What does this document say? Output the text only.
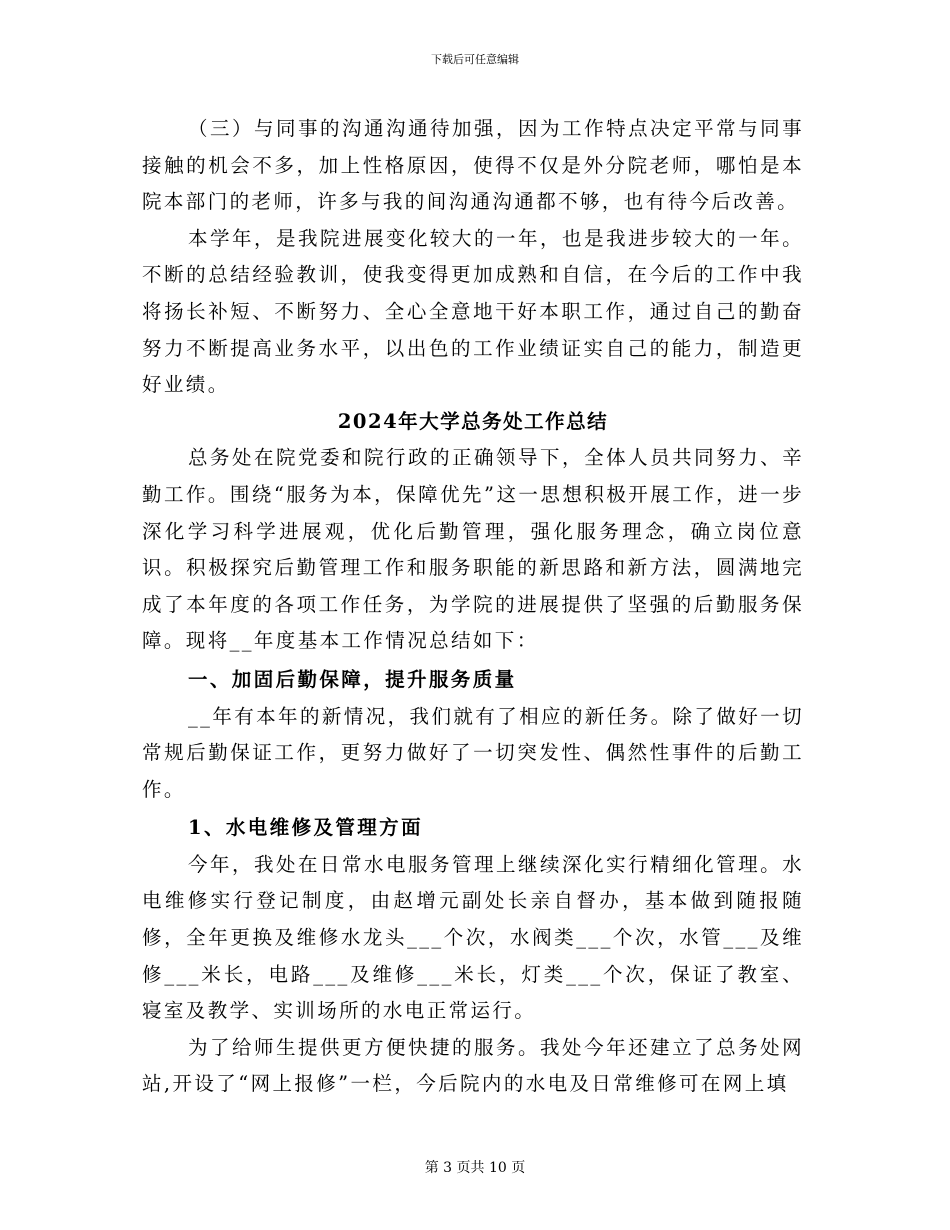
下载后可任意编辑

（三）与同事的沟通沟通待加强，因为工作特点决定平常与同事接触的机会不多，加上性格原因，使得不仅是外分院老师，哪怕是本院本部门的老师，许多与我的间沟通沟通都不够，也有待今后改善。

本学年，是我院进展变化较大的一年，也是我进步较大的一年。不断的总结经验教训，使我变得更加成熟和自信，在今后的工作中我将扬长补短、不断努力、全心全意地干好本职工作，通过自己的勤奋努力不断提高业务水平，以出色的工作业绩证实自己的能力，制造更好业绩。

2024年大学总务处工作总结

总务处在院党委和院行政的正确领导下，全体人员共同努力、辛勤工作。围绕“服务为本，保障优先”这一思想积极开展工作，进一步深化学习科学进展观，优化后勤管理，强化服务理念，确立岗位意识。积极探究后勤管理工作和服务职能的新思路和新方法，圆满地完成了本年度的各项工作任务，为学院的进展提供了坚强的后勤服务保障。现将__年度基本工作情况总结如下：

一、加固后勤保障，提升服务质量

__年有本年的新情况，我们就有了相应的新任务。除了做好一切常规后勤保证工作，更努力做好了一切突发性、偶然性事件的后勤工作。

1、水电维修及管理方面

今年，我处在日常水电服务管理上继续深化实行精细化管理。水电维修实行登记制度，由赵增元副处长亲自督办，基本做到随报随修，全年更换及维修水龙头___个次，水阀类___个次，水管___及维修___米长，电路___及维修___米长，灯类___个次，保证了教室、寝室及教学、实训场所的水电正常运行。

为了给师生提供更方便快捷的服务。我处今年还建立了总务处网站,开设了“网上报修”一栏，今后院内的水电及日常维修可在网上填

第 3 页共 10 页
